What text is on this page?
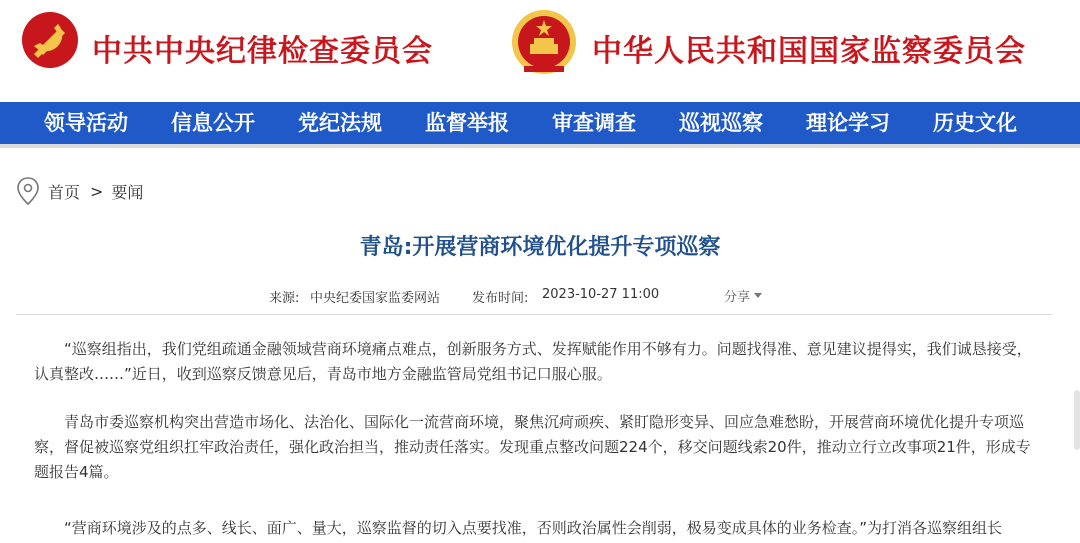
中共中央纪律检查委员会	中华人民共和国国家监察委员会
领导活动 信息公开 党纪法规 监督举报 审查调查 巡视巡察 理论学习 历史文化
首页 > 要闻
青岛:开展营商环境优化提升专项巡察
来源: 中央纪委国家监委网站 发布时间: 2023-10-27 11:00	分享

“巡察组指出，我们党组疏通金融领域营商环境痛点难点，创新服务方式、发挥赋能作用不够有力。问题找得准、意见建议提得实，我们诚恳接受，认真整改……”近日，收到巡察反馈意见后，青岛市地方金融监管局党组书记口服心服。

青岛市委巡察机构突出营造市场化、法治化、国际化一流营商环境，聚焦沉疴顽疾、紧盯隐形变异、回应急难愁盼，开展营商环境优化提升专项巡察，督促被巡察党组织扛牢政治责任，强化政治担当，推动责任落实。发现重点整改问题224个，移交问题线索20件，推动立行立改事项21件，形成专题报告4篇。

“营商环境涉及的点多、线长、面广、量大，巡察监督的切入点要找准，否则政治属性会削弱，极易变成具体的业务检查。”为打消各巡察组组长
